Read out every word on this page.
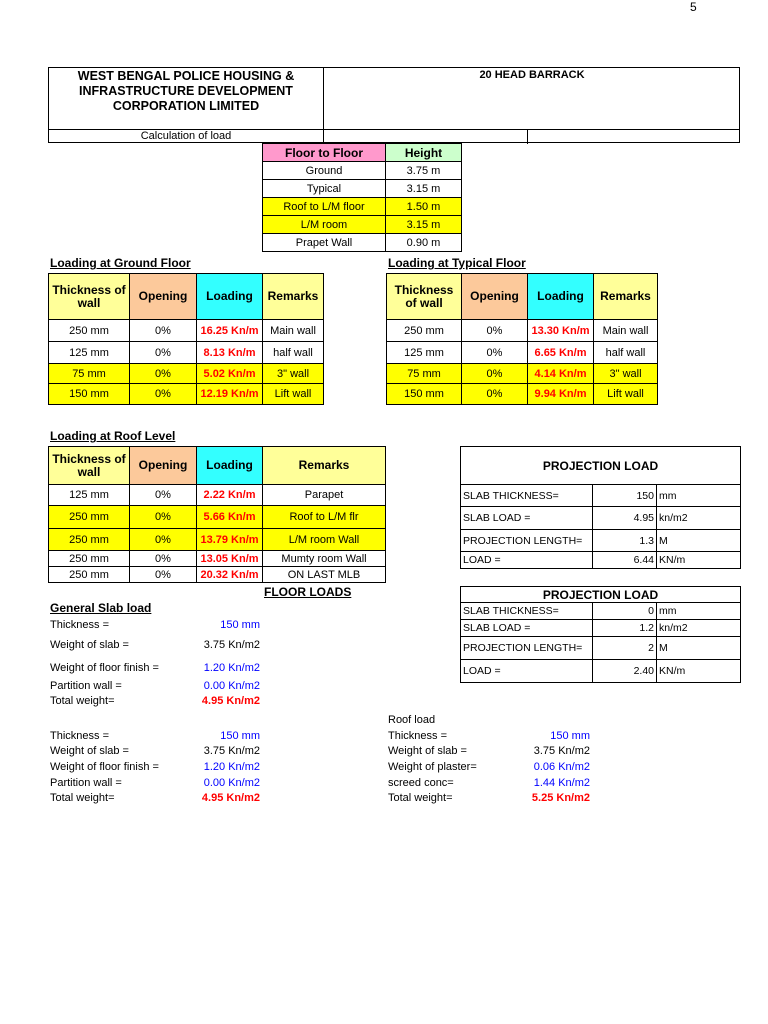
5
WEST BENGAL POLICE HOUSING &
INFRASTRUCTURE DEVELOPMENT
CORPORATION LIMITED
20 HEAD BARRACK
Calculation of load
Floor to Floor	Height
Ground	3.75 m
Typical	3.15 m
Roof to L/M floor	1.50 m
L/M room	3.15 m
Prapet Wall	0.90 m
Loading at Ground Floor
Thickness of wall	Opening	Loading	Remarks
250 mm	0%	16.25 Kn/m	Main wall
125 mm	0%	8.13 Kn/m	half wall
75 mm	0%	5.02 Kn/m	3" wall
150 mm	0%	12.19 Kn/m	Lift wall
Loading at Typical Floor
Thickness of wall	Opening	Loading	Remarks
250 mm	0%	13.30 Kn/m	Main wall
125 mm	0%	6.65 Kn/m	half wall
75 mm	0%	4.14 Kn/m	3" wall
150 mm	0%	9.94 Kn/m	Lift wall
Loading at Roof Level
Thickness of wall	Opening	Loading	Remarks
125 mm	0%	2.22 Kn/m	Parapet
250 mm	0%	5.66 Kn/m	Roof to L/M flr
250 mm	0%	13.79 Kn/m	L/M room Wall
250 mm	0%	13.05 Kn/m	Mumty room Wall
250 mm	0%	20.32 Kn/m	ON LAST MLB
PROJECTION LOAD		
SLAB THICKNESS=	150	mm
SLAB LOAD =	4.95	kn/m2
PROJECTION LENGTH=	1.3	M
LOAD =	6.44	KN/m
FLOOR LOADS	PROJECTION LOAD		
SLAB THICKNESS=	0	mm
SLAB LOAD =	1.2	kn/m2
PROJECTION LENGTH=	2	M
LOAD =	2.40	KN/m
General Slab load
Thickness =	150 mm
Weight of slab =	3.75 Kn/m2
Weight of floor finish =	1.20 Kn/m2
Partition wall =	0.00 Kn/m2
Total weight=	4.95 Kn/m2
Thickness =	150 mm
Weight of slab =	3.75 Kn/m2
Weight of floor finish =	1.20 Kn/m2
Partition wall =	0.00 Kn/m2
Total weight=	4.95 Kn/m2
Roof load
Thickness =	150 mm
Weight of slab =	3.75 Kn/m2
Weight of plaster=	0.06 Kn/m2
screed conc=	1.44 Kn/m2
Total weight=	5.25 Kn/m2
